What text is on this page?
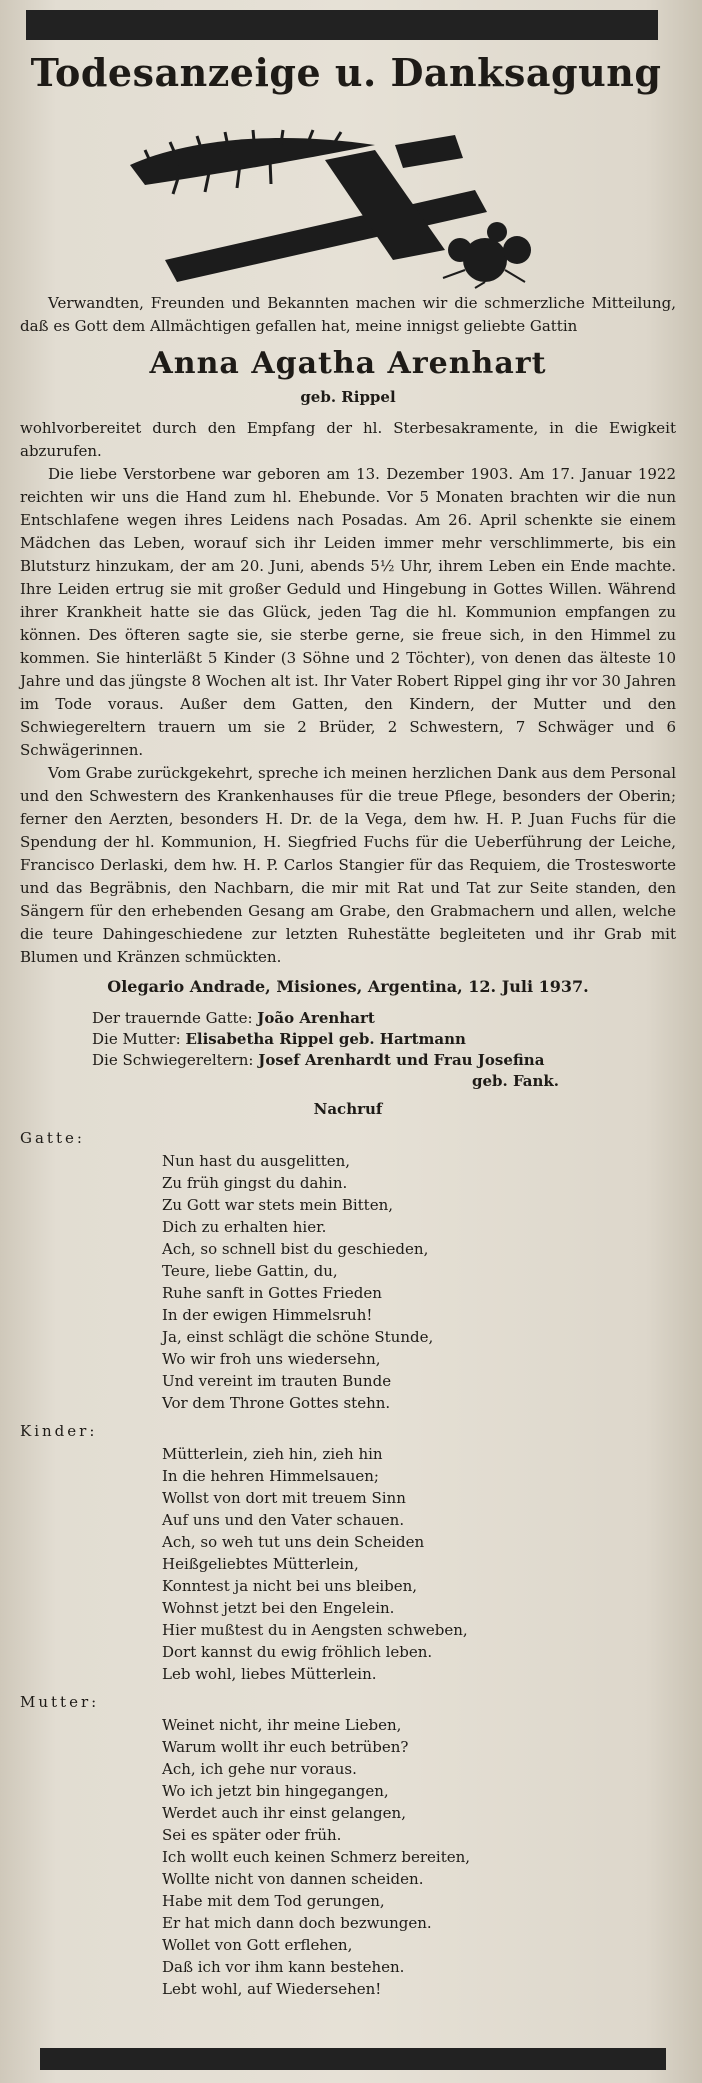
Todesanzeige u. Danksagung

Verwandten, Freunden und Bekannten machen wir die schmerzliche Mitteilung, daß es Gott dem Allmächtigen gefallen hat, meine innigst geliebte Gattin

Anna Agatha Arenhart
geb. Rippel

wohlvorbereitet durch den Empfang der hl. Sterbesakramente, in die Ewigkeit abzurufen.

Die liebe Verstorbene war geboren am 13. Dezember 1903. Am 17. Januar 1922 reichten wir uns die Hand zum hl. Ehebunde. Vor 5 Monaten brachten wir die nun Entschlafene wegen ihres Leidens nach Posadas. Am 26. April schenkte sie einem Mädchen das Leben, worauf sich ihr Leiden immer mehr verschlimmerte, bis ein Blutsturz hinzukam, der am 20. Juni, abends 5½ Uhr, ihrem Leben ein Ende machte. Ihre Leiden ertrug sie mit großer Geduld und Hingebung in Gottes Willen. Während ihrer Krankheit hatte sie das Glück, jeden Tag die hl. Kommunion empfangen zu können. Des öfteren sagte sie, sie sterbe gerne, sie freue sich, in den Himmel zu kommen. Sie hinterläßt 5 Kinder (3 Söhne und 2 Töchter), von denen das älteste 10 Jahre und das jüngste 8 Wochen alt ist. Ihr Vater Robert Rippel ging ihr vor 30 Jahren im Tode voraus. Außer dem Gatten, den Kindern, der Mutter und den Schwiegereltern trauern um sie 2 Brüder, 2 Schwestern, 7 Schwäger und 6 Schwägerinnen.

Vom Grabe zurückgekehrt, spreche ich meinen herzlichen Dank aus dem Personal und den Schwestern des Krankenhauses für die treue Pflege, besonders der Oberin; ferner den Aerzten, besonders H. Dr. de la Vega, dem hw. H. P. Juan Fuchs für die Spendung der hl. Kommunion, H. Siegfried Fuchs für die Ueberführung der Leiche, Francisco Derlaski, dem hw. H. P. Carlos Stangier für das Requiem, die Trostesworte und das Begräbnis, den Nachbarn, die mir mit Rat und Tat zur Seite standen, den Sängern für den erhebenden Gesang am Grabe, den Grabmachern und allen, welche die teure Dahingeschiedene zur letzten Ruhestätte begleiteten und ihr Grab mit Blumen und Kränzen schmückten.

Olegario Andrade, Misiones, Argentina, 12. Juli 1937.
Der trauernde Gatte: João Arenhart
Die Mutter: Elisabetha Rippel geb. Hartmann
Die Schwiegereltern: Josef Arenhardt und Frau Josefina
geb. Fank.
Nachruf
Gatte:
Nun hast du ausgelitten,
Zu früh gingst du dahin.
Zu Gott war stets mein Bitten,
Dich zu erhalten hier.
Ach, so schnell bist du geschieden,
Teure, liebe Gattin, du,
Ruhe sanft in Gottes Frieden
In der ewigen Himmelsruh!
Ja, einst schlägt die schöne Stunde,
Wo wir froh uns wiedersehn,
Und vereint im trauten Bunde
Vor dem Throne Gottes stehn.
Kinder:
Mütterlein, zieh hin, zieh hin
In die hehren Himmelsauen;
Wollst von dort mit treuem Sinn
Auf uns und den Vater schauen.
Ach, so weh tut uns dein Scheiden
Heißgeliebtes Mütterlein,
Konntest ja nicht bei uns bleiben,
Wohnst jetzt bei den Engelein.
Hier mußtest du in Aengsten schweben,
Dort kannst du ewig fröhlich leben.
Leb wohl, liebes Mütterlein.
Mutter:
Weinet nicht, ihr meine Lieben,
Warum wollt ihr euch betrüben?
Ach, ich gehe nur voraus.
Wo ich jetzt bin hingegangen,
Werdet auch ihr einst gelangen,
Sei es später oder früh.
Ich wollt euch keinen Schmerz bereiten,
Wollte nicht von dannen scheiden.
Habe mit dem Tod gerungen,
Er hat mich dann doch bezwungen.
Wollet von Gott erflehen,
Daß ich vor ihm kann bestehen.
Lebt wohl, auf Wiedersehen!
